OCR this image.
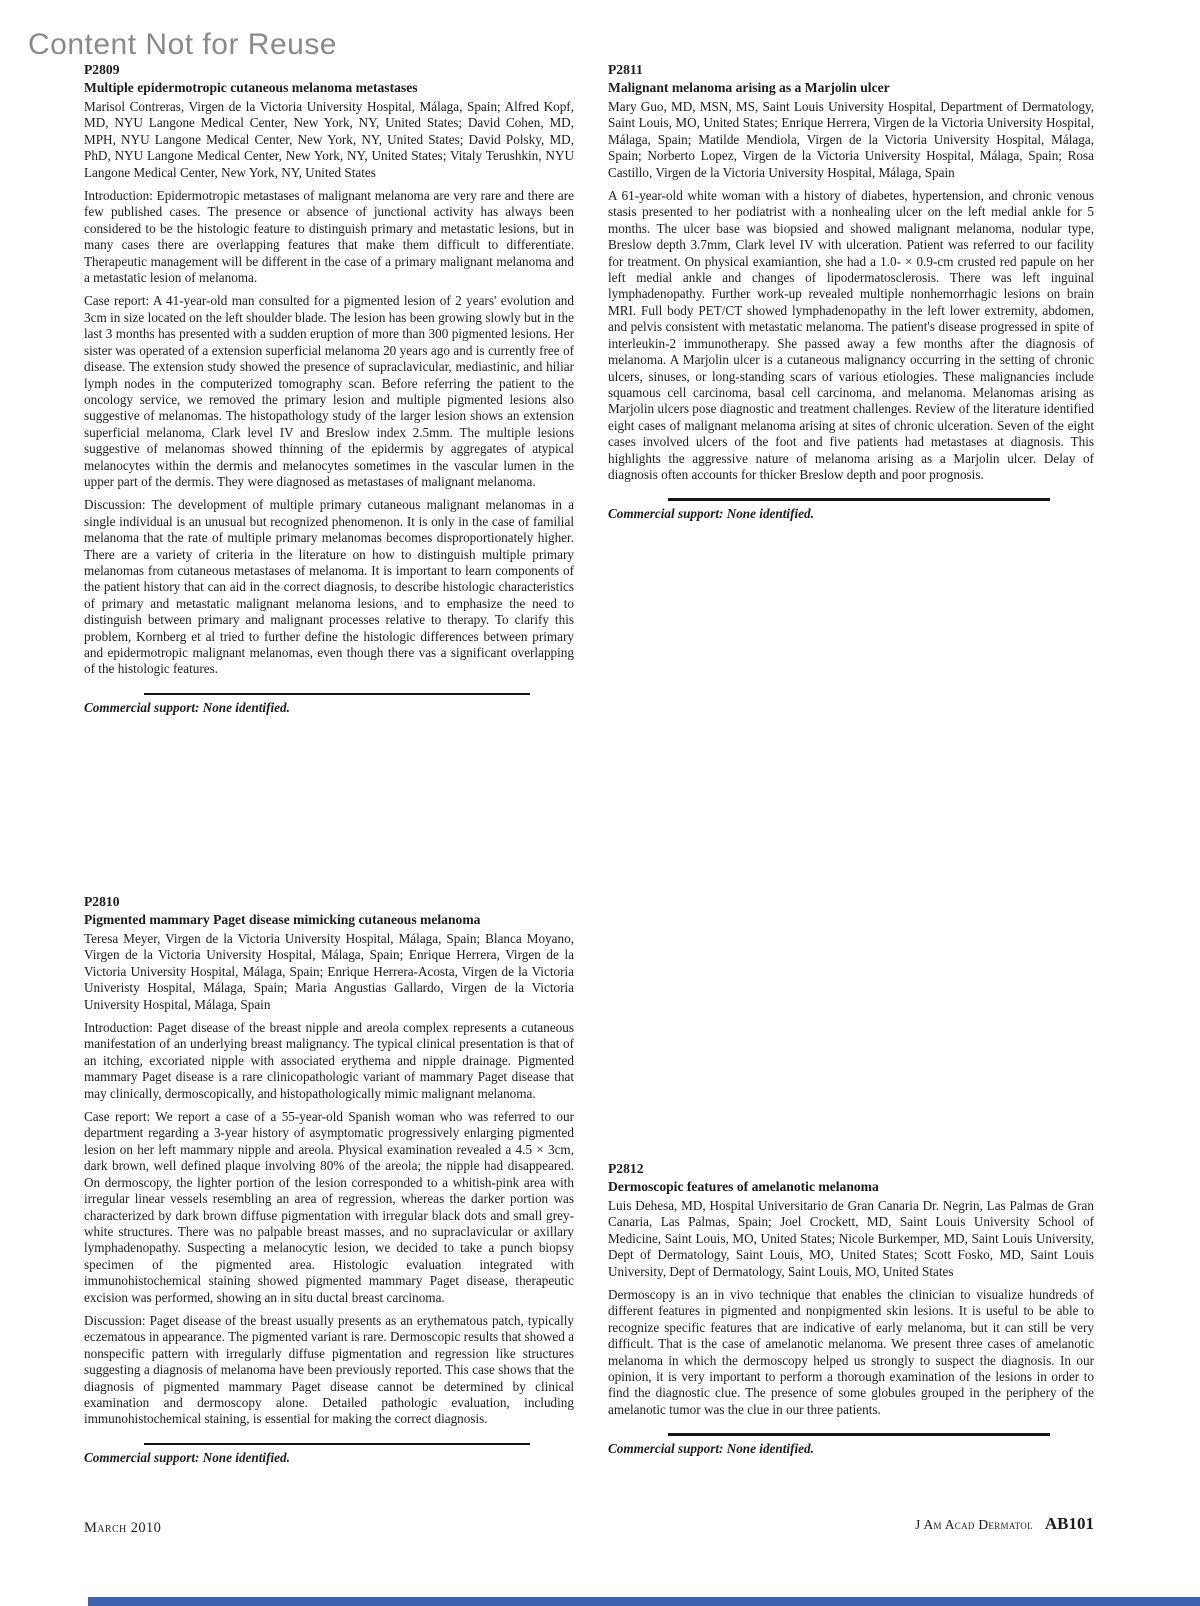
Content Not for Reuse
P2809
Multiple epidermotropic cutaneous melanoma metastases
Marisol Contreras, Virgen de la Victoria University Hospital, Málaga, Spain; Alfred Kopf, MD, NYU Langone Medical Center, New York, NY, United States; David Cohen, MD, MPH, NYU Langone Medical Center, New York, NY, United States; David Polsky, MD, PhD, NYU Langone Medical Center, New York, NY, United States; Vitaly Terushkin, NYU Langone Medical Center, New York, NY, United States

Introduction: Epidermotropic metastases of malignant melanoma are very rare and there are few published cases. The presence or absence of junctional activity has always been considered to be the histologic feature to distinguish primary and metastatic lesions, but in many cases there are overlapping features that make them difficult to differentiate. Therapeutic management will be different in the case of a primary malignant melanoma and a metastatic lesion of melanoma.

Case report: A 41-year-old man consulted for a pigmented lesion of 2 years' evolution and 3cm in size located on the left shoulder blade. The lesion has been growing slowly but in the last 3 months has presented with a sudden eruption of more than 300 pigmented lesions. Her sister was operated of a extension superficial melanoma 20 years ago and is currently free of disease. The extension study showed the presence of supraclavicular, mediastinic, and hiliar lymph nodes in the computerized tomography scan. Before referring the patient to the oncology service, we removed the primary lesion and multiple pigmented lesions also suggestive of melanomas. The histopathology study of the larger lesion shows an extension superficial melanoma, Clark level IV and Breslow index 2.5mm. The multiple lesions suggestive of melanomas showed thinning of the epidermis by aggregates of atypical melanocytes within the dermis and melanocytes sometimes in the vascular lumen in the upper part of the dermis. They were diagnosed as metastases of malignant melanoma.

Discussion: The development of multiple primary cutaneous malignant melanomas in a single individual is an unusual but recognized phenomenon. It is only in the case of familial melanoma that the rate of multiple primary melanomas becomes disproportionately higher. There are a variety of criteria in the literature on how to distinguish multiple primary melanomas from cutaneous metastases of melanoma. It is important to learn components of the patient history that can aid in the correct diagnosis, to describe histologic characteristics of primary and metastatic malignant melanoma lesions, and to emphasize the need to distinguish between primary and malignant processes relative to therapy. To clarify this problem, Kornberg et al tried to further define the histologic differences between primary and epidermotropic malignant melanomas, even though there vas a significant overlapping of the histologic features.

Commercial support: None identified.
P2810
Pigmented mammary Paget disease mimicking cutaneous melanoma
Teresa Meyer, Virgen de la Victoria University Hospital, Málaga, Spain; Blanca Moyano, Virgen de la Victoria University Hospital, Málaga, Spain; Enrique Herrera, Virgen de la Victoria University Hospital, Málaga, Spain; Enrique Herrera-Acosta, Virgen de la Victoria Univeristy Hospital, Málaga, Spain; Maria Angustias Gallardo, Virgen de la Victoria University Hospital, Málaga, Spain

Introduction: Paget disease of the breast nipple and areola complex represents a cutaneous manifestation of an underlying breast malignancy. The typical clinical presentation is that of an itching, excoriated nipple with associated erythema and nipple drainage. Pigmented mammary Paget disease is a rare clinicopathologic variant of mammary Paget disease that may clinically, dermoscopically, and histopathologically mimic malignant melanoma.

Case report: We report a case of a 55-year-old Spanish woman who was referred to our department regarding a 3-year history of asymptomatic progressively enlarging pigmented lesion on her left mammary nipple and areola. Physical examination revealed a 4.5 × 3cm, dark brown, well defined plaque involving 80% of the areola; the nipple had disappeared. On dermoscopy, the lighter portion of the lesion corresponded to a whitish-pink area with irregular linear vessels resembling an area of regression, whereas the darker portion was characterized by dark brown diffuse pigmentation with irregular black dots and small grey-white structures. There was no palpable breast masses, and no supraclavicular or axillary lymphadenopathy. Suspecting a melanocytic lesion, we decided to take a punch biopsy specimen of the pigmented area. Histologic evaluation integrated with immunohistochemical staining showed pigmented mammary Paget disease, therapeutic excision was performed, showing an in situ ductal breast carcinoma.

Discussion: Paget disease of the breast usually presents as an erythematous patch, typically eczematous in appearance. The pigmented variant is rare. Dermoscopic results that showed a nonspecific pattern with irregularly diffuse pigmentation and regression like structures suggesting a diagnosis of melanoma have been previously reported. This case shows that the diagnosis of pigmented mammary Paget disease cannot be determined by clinical examination and dermoscopy alone. Detailed pathologic evaluation, including immunohistochemical staining, is essential for making the correct diagnosis.

Commercial support: None identified.
P2811
Malignant melanoma arising as a Marjolin ulcer
Mary Guo, MD, MSN, MS, Saint Louis University Hospital, Department of Dermatology, Saint Louis, MO, United States; Enrique Herrera, Virgen de la Victoria University Hospital, Málaga, Spain; Matilde Mendiola, Virgen de la Victoria University Hospital, Málaga, Spain; Norberto Lopez, Virgen de la Victoria University Hospital, Málaga, Spain; Rosa Castillo, Virgen de la Victoria University Hospital, Málaga, Spain

A 61-year-old white woman with a history of diabetes, hypertension, and chronic venous stasis presented to her podiatrist with a nonhealing ulcer on the left medial ankle for 5 months. The ulcer base was biopsied and showed malignant melanoma, nodular type, Breslow depth 3.7mm, Clark level IV with ulceration. Patient was referred to our facility for treatment. On physical examiantion, she had a 1.0- × 0.9-cm crusted red papule on her left medial ankle and changes of lipodermatosclerosis. There was left inguinal lymphadenopathy. Further work-up revealed multiple nonhemorrhagic lesions on brain MRI. Full body PET/CT showed lymphadenopathy in the left lower extremity, abdomen, and pelvis consistent with metastatic melanoma. The patient's disease progressed in spite of interleukin-2 immunotherapy. She passed away a few months after the diagnosis of melanoma. A Marjolin ulcer is a cutaneous malignancy occurring in the setting of chronic ulcers, sinuses, or long-standing scars of various etiologies. These malignancies include squamous cell carcinoma, basal cell carcinoma, and melanoma. Melanomas arising as Marjolin ulcers pose diagnostic and treatment challenges. Review of the literature identified eight cases of malignant melanoma arising at sites of chronic ulceration. Seven of the eight cases involved ulcers of the foot and five patients had metastases at diagnosis. This highlights the aggressive nature of melanoma arising as a Marjolin ulcer. Delay of diagnosis often accounts for thicker Breslow depth and poor prognosis.

Commercial support: None identified.
P2812
Dermoscopic features of amelanotic melanoma
Luis Dehesa, MD, Hospital Universitario de Gran Canaria Dr. Negrin, Las Palmas de Gran Canaria, Las Palmas, Spain; Joel Crockett, MD, Saint Louis University School of Medicine, Saint Louis, MO, United States; Nicole Burkemper, MD, Saint Louis University, Dept of Dermatology, Saint Louis, MO, United States; Scott Fosko, MD, Saint Louis University, Dept of Dermatology, Saint Louis, MO, United States

Dermoscopy is an in vivo technique that enables the clinician to visualize hundreds of different features in pigmented and nonpigmented skin lesions. It is useful to be able to recognize specific features that are indicative of early melanoma, but it can still be very difficult. That is the case of amelanotic melanoma. We present three cases of amelanotic melanoma in which the dermoscopy helped us strongly to suspect the diagnosis. In our opinion, it is very important to perform a thorough examination of the lesions in order to find the diagnostic clue. The presence of some globules grouped in the periphery of the amelanotic tumor was the clue in our three patients.

Commercial support: None identified.
March 2010	J Am Acad Dermatol AB101
